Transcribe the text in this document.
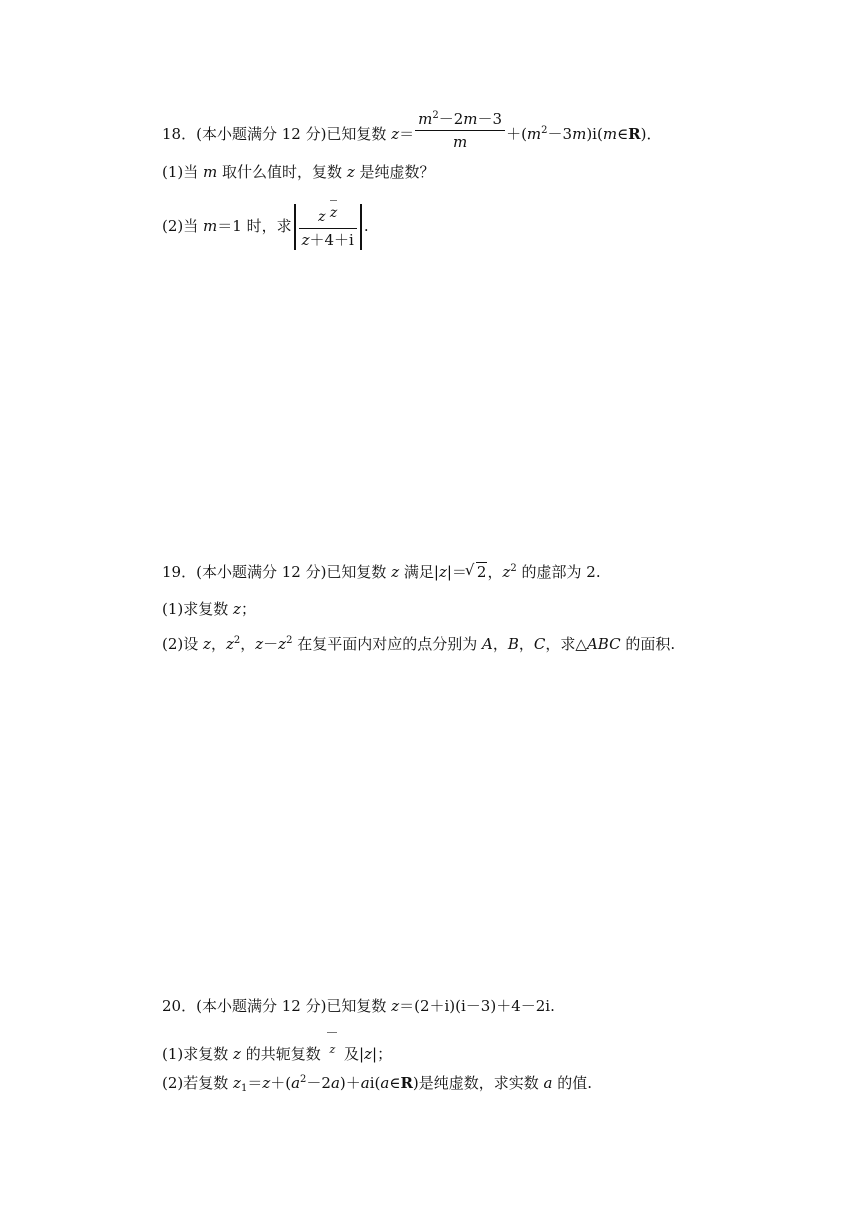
18．(本小题满分 12 分)已知复数 $z= \frac{m^2-2m-3}{m}$ $+(m^2-3m)i(m\in R)$．
(1)当 m 取什么值时，复数 z 是纯虚数？
(2)当 m＝1 时，求 $\frac{\text{z z}}{z+4+i}$ .
19．(本小题满分 12 分)已知复数 z 满足|z|＝√ 2，$z^2$ 的虚部为 2.
(1)求复数 z；
(2)设 z，$z^2$，$z-z^2$ 在复平面内对应的点分别为 A，B，C，求△ABC 的面积.
20．(本小题满分 12 分)已知复数 z＝(2＋i)(i－3)＋4－2i.
(1)求复数 z 的共轭复数 z 及|z|；
(2)若复数 $z_1=z+(a^2-2a)+ai(a\in R)$是纯虚数，求实数 a 的值.
